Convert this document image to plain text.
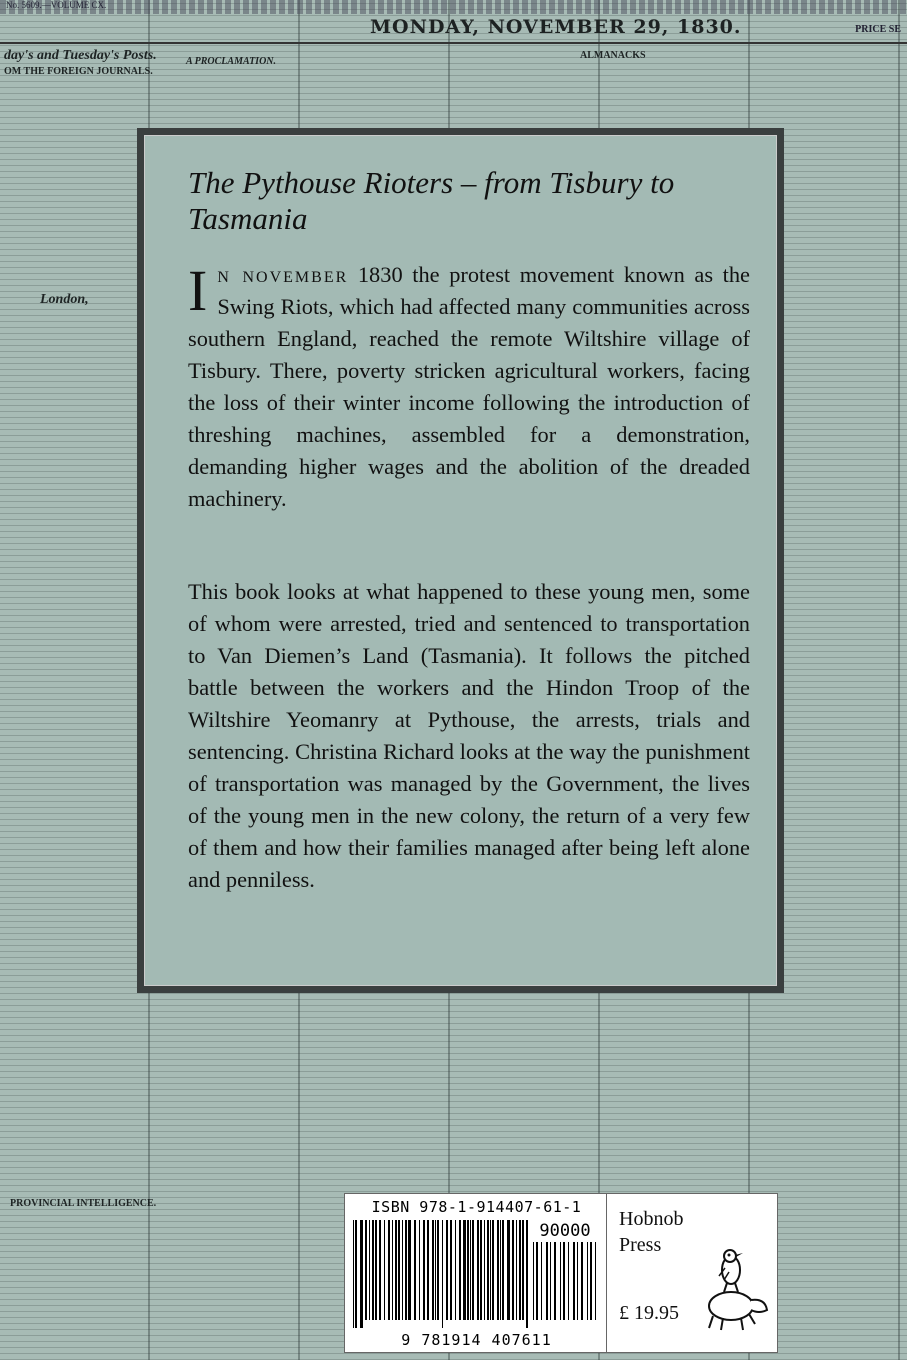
No. 5609.—VOLUME CX.
MONDAY, NOVEMBER 29, 1830.	PRICE SE
day's and Tuesday's Posts.
OM THE FOREIGN JOURNALS.
London,
A PROCLAMATION.
ALMANACKS
PROVINCIAL INTELLIGENCE.
The Pythouse Rioters – from Tisbury to Tasmania

In november 1830 the protest movement known as the Swing Riots, which had affected many communities across southern England, reached the remote Wiltshire village of Tisbury. There, poverty stricken agricultural workers, facing the loss of their winter income following the introduction of threshing machines, assembled for a demonstration, demanding higher wages and the abolition of the dreaded machinery.

This book looks at what happened to these young men, some of whom were arrested, tried and sentenced to transportation to Van Diemen’s Land (Tasmania). It follows the pitched battle between the workers and the Hindon Troop of the Wiltshire Yeomanry at Pythouse, the arrests, trials and sentencing. Christina Richard looks at the way the punishment of transportation was managed by the Government, the lives of the young men in the new colony, the return of a very few of them and how their families managed after being left alone and penniless.

ISBN 978-1-914407-61-1
90000
9 781914 407611
Hobnob Press
£ 19.95
